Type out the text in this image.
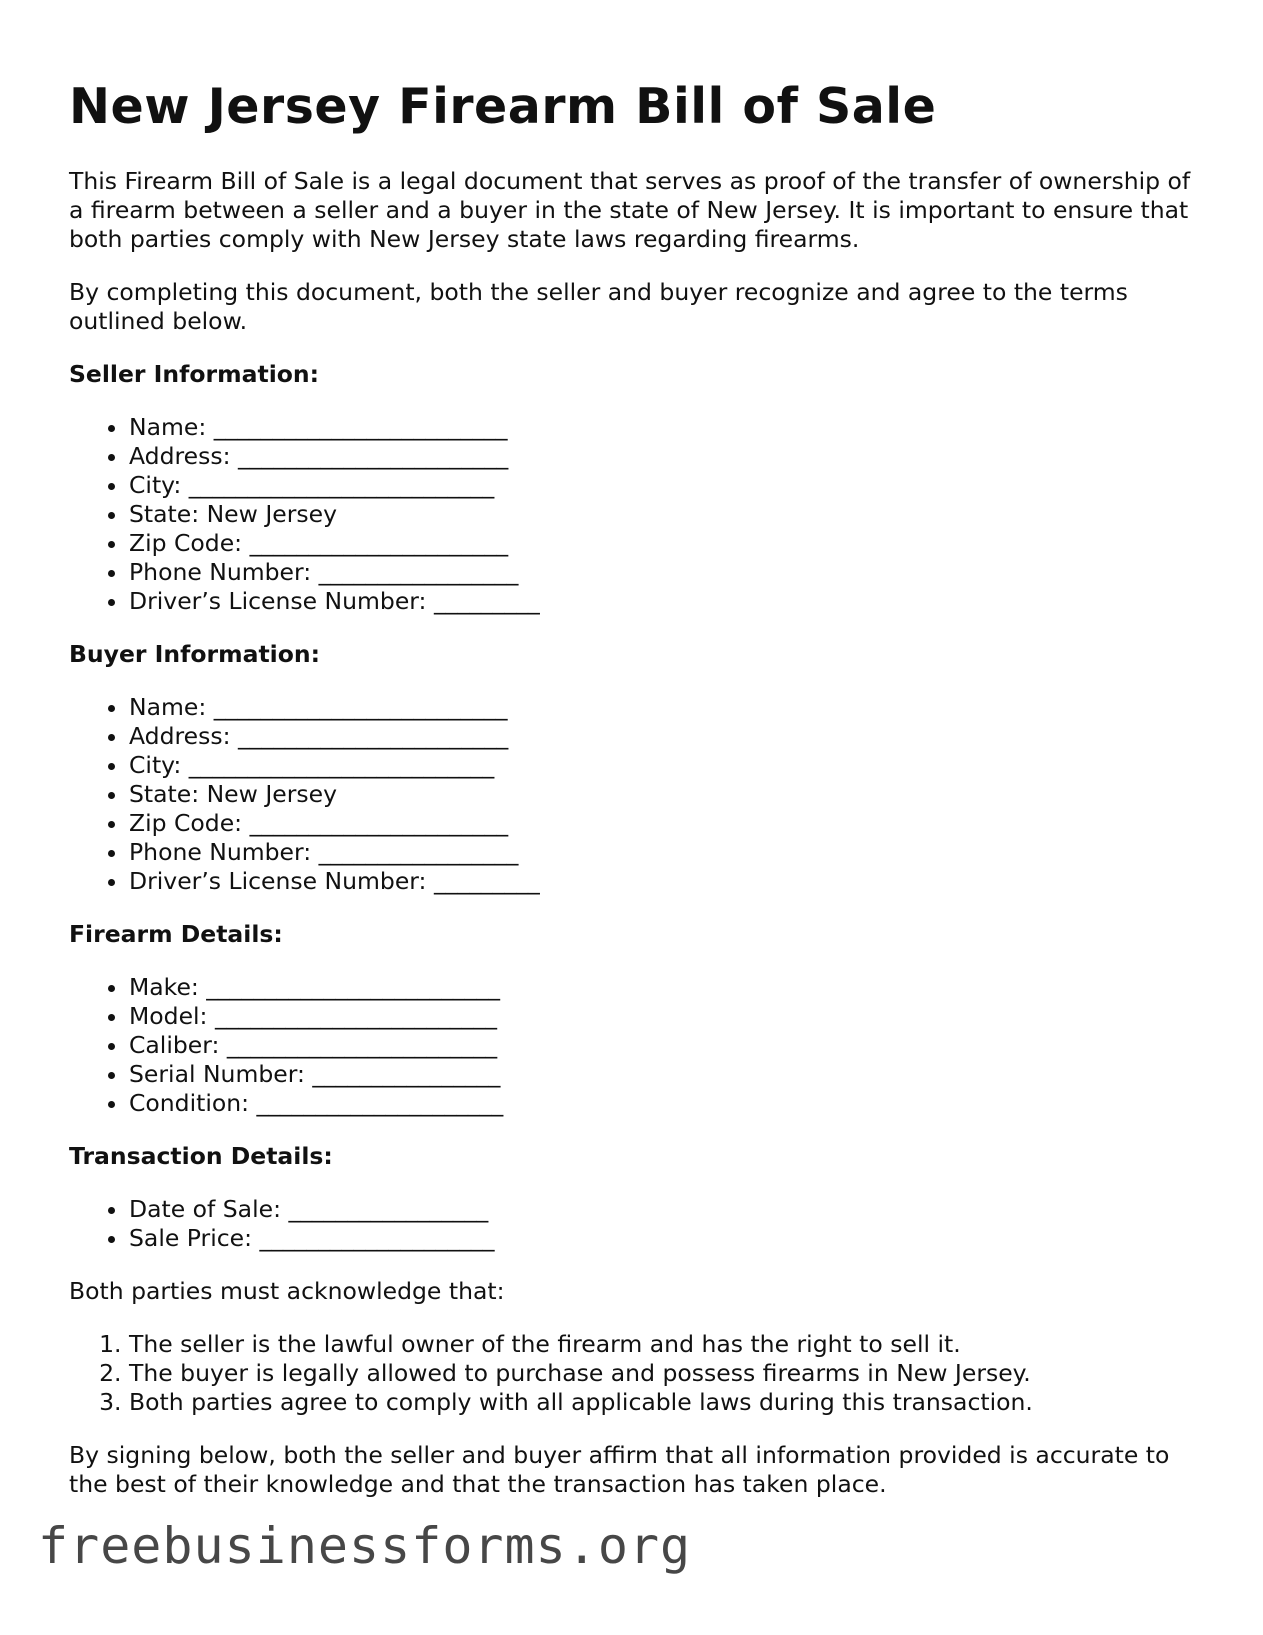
New Jersey Firearm Bill of Sale

This Firearm Bill of Sale is a legal document that serves as proof of the transfer of ownership of a firearm between a seller and a buyer in the state of New Jersey. It is important to ensure that both parties comply with New Jersey state laws regarding firearms.

By completing this document, both the seller and buyer recognize and agree to the terms outlined below.

Seller Information:
• Name: _________________________
• Address: _______________________
• City: __________________________
• State: New Jersey
• Zip Code: ______________________
• Phone Number: _________________
• Driver’s License Number: _________
Buyer Information:
• Name: _________________________
• Address: _______________________
• City: __________________________
• State: New Jersey
• Zip Code: ______________________
• Phone Number: _________________
• Driver’s License Number: _________
Firearm Details:
• Make: _________________________
• Model: ________________________
• Caliber: _______________________
• Serial Number: ________________
• Condition: _____________________
Transaction Details:
• Date of Sale: _________________
• Sale Price: ____________________

Both parties must acknowledge that:

1. The seller is the lawful owner of the firearm and has the right to sell it.
2. The buyer is legally allowed to purchase and possess firearms in New Jersey.
3. Both parties agree to comply with all applicable laws during this transaction.

By signing below, both the seller and buyer affirm that all information provided is accurate to the best of their knowledge and that the transaction has taken place.

freebusinessforms.org
